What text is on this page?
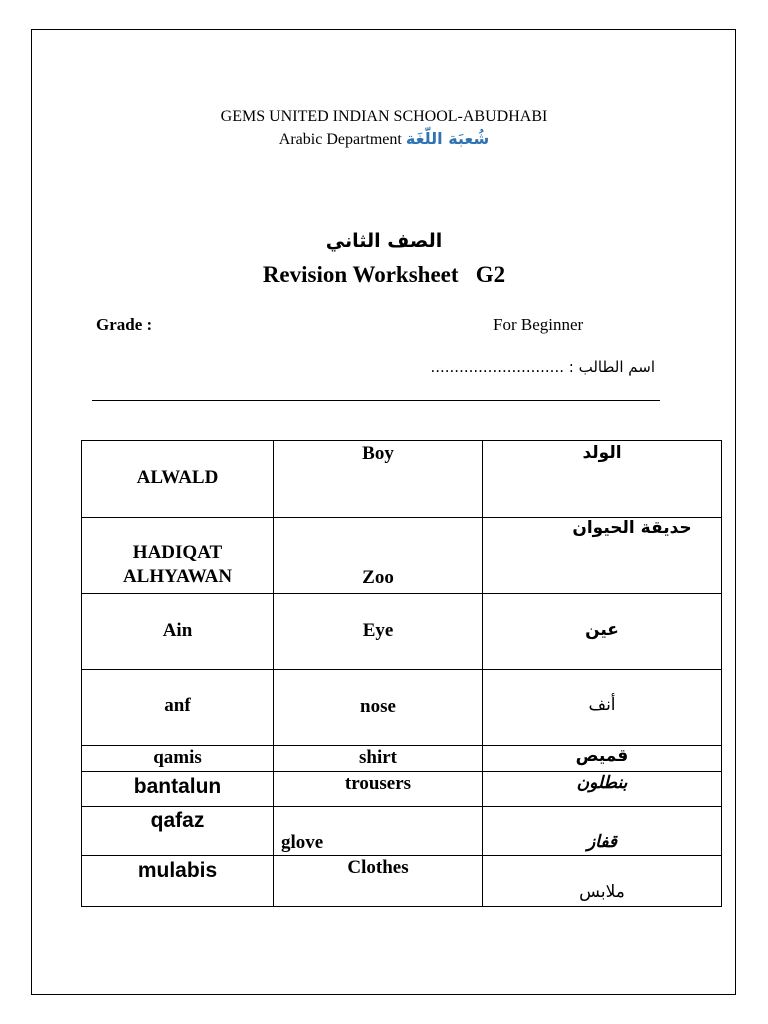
GEMS UNITED INDIAN SCHOOL-ABUDHABI
Arabic Department شُعبَة اللّغَة
الصف الثاني
Revision Worksheet   G2
Grade :	For Beginner
اسم الطالب : ............................
ALWALD	Boy	الولد

HADIQAT
ALHYAWAN	Zoo	حديقة الحيوان

Ain	Eye	عين

anf	nose	أنف

qamis	shirt	قميص

bantalun	trousers	بنطلون

qafaz	glove	قفاز

mulabis	Clothes	ملابس
